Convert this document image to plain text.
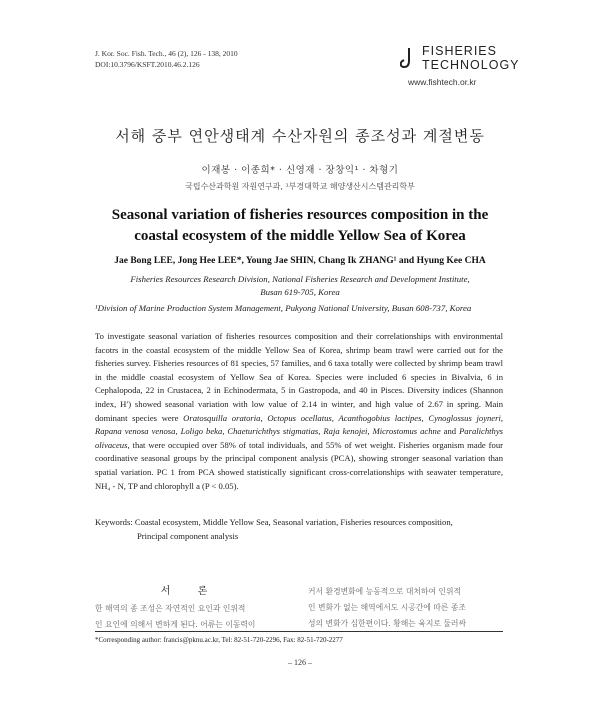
J. Kor. Soc. Fish. Tech., 46 (2), 126 - 138, 2010
DOI:10.3796/KSFT.2010.46.2.126
FISHERIES
TECHNOLOGY
www.fishtech.or.kr
서해 중부 연안생태계 수산자원의 종조성과 계절변동
이재봉 · 이종희* · 신영재 · 장창익¹ · 차형기
국립수산과학원 자원연구과, ¹부경대학교 해양생산시스템관리학부
Seasonal variation of fisheries resources composition in the
coastal ecosystem of the middle Yellow Sea of Korea
Jae Bong LEE, Jong Hee LEE*, Young Jae SHIN, Chang Ik ZHANG¹ and Hyung Kee CHA
Fisheries Resources Research Division, National Fisheries Research and Development Institute,
Busan 619-705, Korea
¹Division of Marine Production System Management, Pukyong National University, Busan 608-737, Korea
To investigate seasonal variation of fisheries resources composition and their correlationships with environmental facotrs in the coastal ecosystem of the middle Yellow Sea of Korea, shrimp beam trawl were carried out for the fisheries survey. Fisheries resources of 81 species, 57 families, and 6 taxa totally were collected by shrimp beam trawl in the middle coastal ecosystem of Yellow Sea of Korea. Species were included 6 species in Bivalvia, 6 in Cephalopoda, 22 in Crustacea, 2 in Echinodermata, 5 in Gastropoda, and 40 in Pisces. Diversity indices (Shannon index, H′) showed seasonal variation with low value of 2.14 in winter, and high value of 2.67 in spring. Main dominant species were Oratosquilla oratoria, Octopus ocellatus, Acanthogobius lactipes, Cynoglossus joyneri, Rapana venosa venosa, Loligo beka, Chaeturichthys stigmatias, Raja kenojei, Microstomus achne and Paralichthys olivaceus, that were occupied over 58% of total individuals, and 55% of wet weight. Fisheries organism made four coordinative seasonal groups by the principal component analysis (PCA), showing stronger seasonal variation than spatial variation. PC 1 from PCA showed statistically significant cross-correlationships with seawater temperature, NH₄ - N, TP and chlorophyll a (P < 0.05).
Keywords: Coastal ecosystem, Middle Yellow Sea, Seasonal variation, Fisheries resources composition,
Principal component analysis
서 론
한 해역의 종 조성은 자연적인 요인과 인위적
인 요인에 의해서 변하게 된다. 어류는 이동력이
커서 환경변화에 능동적으로 대처하여 인위적
인 변화가 없는 해역에서도 시공간에 따른 종조
성의 변화가 심한편이다. 황해는 육지로 둘러싸
*Corresponding author: francis@pknu.ac.kr, Tel: 82-51-720-2296, Fax: 82-51-720-2277
– 126 –
